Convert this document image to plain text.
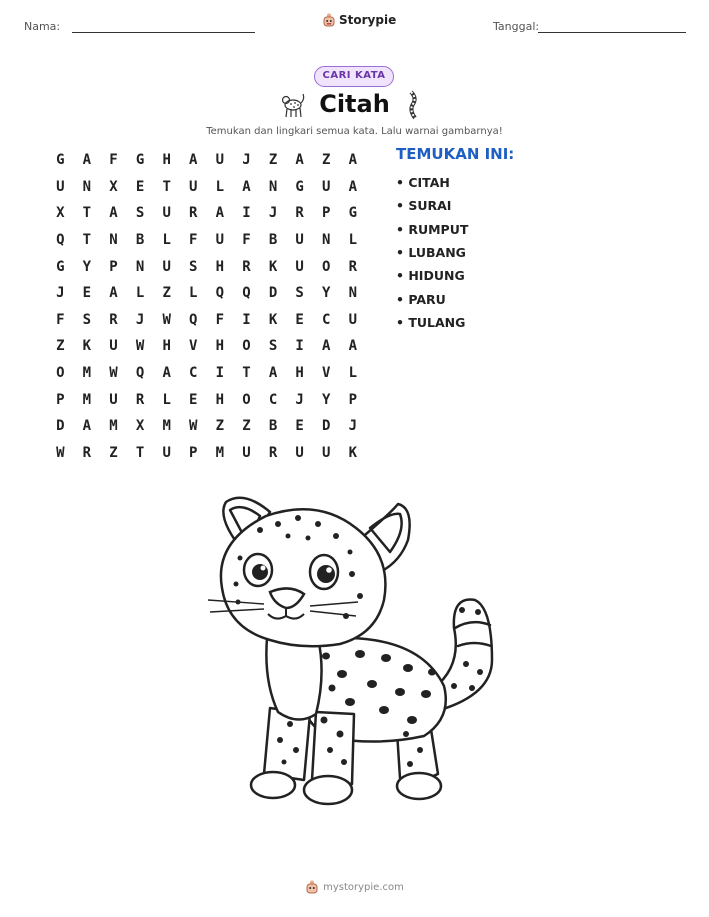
Nama:	Storypie	Tanggal:
CARI KATA
Citah
Temukan dan lingkari semua kata. Lalu warnai gambarnya!
G	A	F	G	H	A	U	J	Z	A	Z	A
U	N	X	E	T	U	L	A	N	G	U	A
X	T	A	S	U	R	A	I	J	R	P	G
Q	T	N	B	L	F	U	F	B	U	N	L
G	Y	P	N	U	S	H	R	K	U	O	R
J	E	A	L	Z	L	Q	Q	D	S	Y	N
F	S	R	J	W	Q	F	I	K	E	C	U
Z	K	U	W	H	V	H	O	S	I	A	A
O	M	W	Q	A	C	I	T	A	H	V	L
P	M	U	R	L	E	H	O	C	J	Y	P
D	A	M	X	M	W	Z	Z	B	E	D	J
W	R	Z	T	U	P	M	U	R	U	U	K
TEMUKAN INI:
• CITAH
• SURAI
• RUMPUT
• LUBANG
• HIDUNG
• PARU
• TULANG
mystorypie.com
